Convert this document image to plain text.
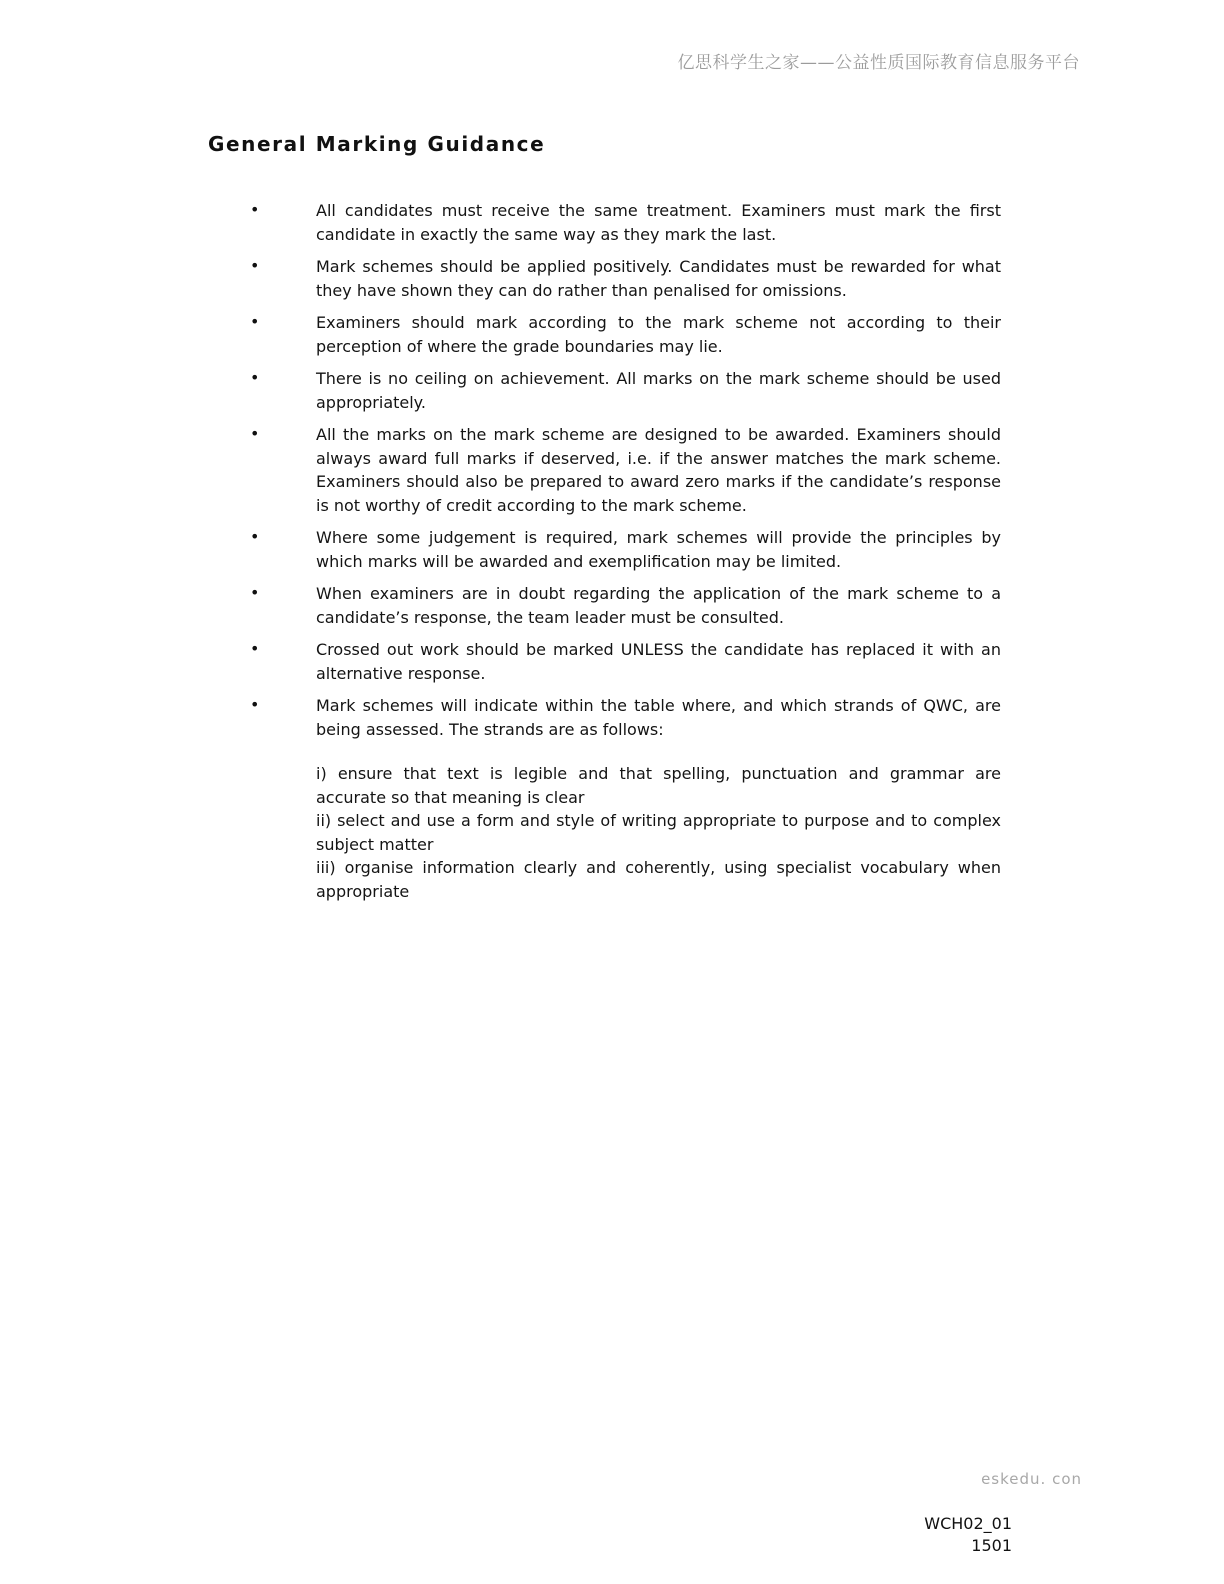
亿思科学生之家——公益性质国际教育信息服务平台
General Marking Guidance
•	All candidates must receive the same treatment. Examiners must mark the first candidate in exactly the same way as they mark the last.
•	Mark schemes should be applied positively. Candidates must be rewarded for what they have shown they can do rather than penalised for omissions.
•	Examiners should mark according to the mark scheme not according to their perception of where the grade boundaries may lie.
•	There is no ceiling on achievement. All marks on the mark scheme should be used appropriately.
•	All the marks on the mark scheme are designed to be awarded. Examiners should always award full marks if deserved, i.e. if the answer matches the mark scheme. Examiners should also be prepared to award zero marks if the candidate’s response is not worthy of credit according to the mark scheme.
•	Where some judgement is required, mark schemes will provide the principles by which marks will be awarded and exemplification may be limited.
•	When examiners are in doubt regarding the application of the mark scheme to a candidate’s response, the team leader must be consulted.
•	Crossed out work should be marked UNLESS the candidate has replaced it with an alternative response.
•	Mark schemes will indicate within the table where, and which strands of QWC, are being assessed. The strands are as follows:

i) ensure that text is legible and that spelling, punctuation and grammar are accurate so that meaning is clear

ii) select and use a form and style of writing appropriate to purpose and to complex subject matter

iii) organise information clearly and coherently, using specialist vocabulary when appropriate

eskedu. con
WCH02_01
1501
